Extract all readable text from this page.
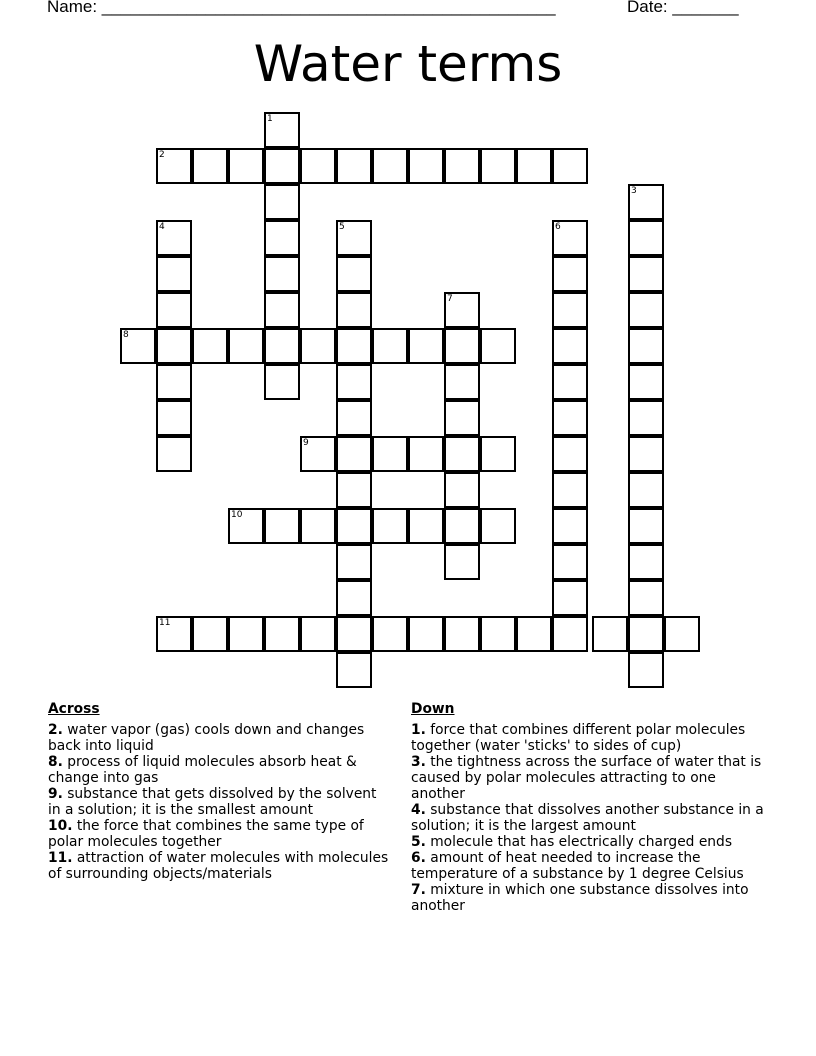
Name: ________________________________________________	Date: _______
Water terms
1
2
3
4	5	6
7
8
9
10
11
Across
2. water vapor (gas) cools down and changes back into liquid
8. process of liquid molecules absorb heat & change into gas
9. substance that gets dissolved by the solvent in a solution; it is the smallest amount
10. the force that combines the same type of polar molecules together
11. attraction of water molecules with molecules of surrounding objects/materials
Down
1. force that combines different polar molecules together (water 'sticks' to sides of cup)
3. the tightness across the surface of water that is caused by polar molecules attracting to one another
4. substance that dissolves another substance in a solution; it is the largest amount
5. molecule that has electrically charged ends
6. amount of heat needed to increase the temperature of a substance by 1 degree Celsius
7. mixture in which one substance dissolves into another
